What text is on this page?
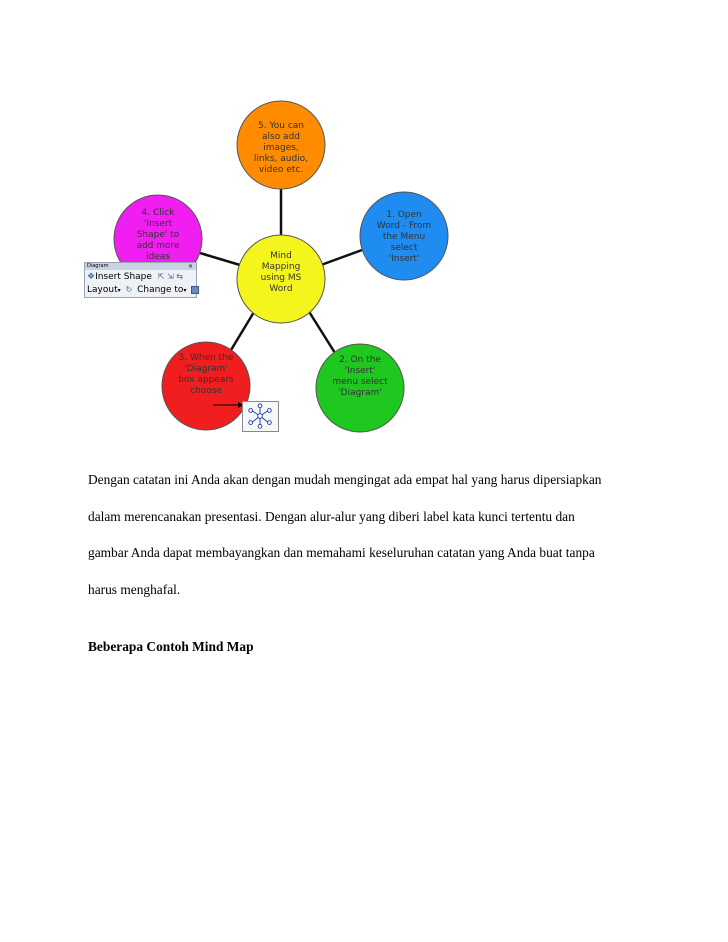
5. You can
also add
images,
links, audio,
video etc.
1. Open
Word - From
the Menu
select
'Insert'
2. On the
'Insert'
menu select
'Diagram'
3. When the
'Diagram'
box appears
choose
4. Click
'Insert
Shape' to
add more
ideas	Mind
Mapping
using MS
Word
Diagram	×
❖Insert Shape ⇱ ⇲ ⇆
Layout▾ ↻ Change to▾

Dengan catatan ini Anda akan dengan mudah mengingat ada empat hal yang harus dipersiapkan

dalam merencanakan presentasi. Dengan alur-alur yang diberi label kata kunci tertentu dan

gambar Anda dapat membayangkan dan memahami keseluruhan catatan yang Anda buat tanpa

harus menghafal.

Beberapa Contoh Mind Map
